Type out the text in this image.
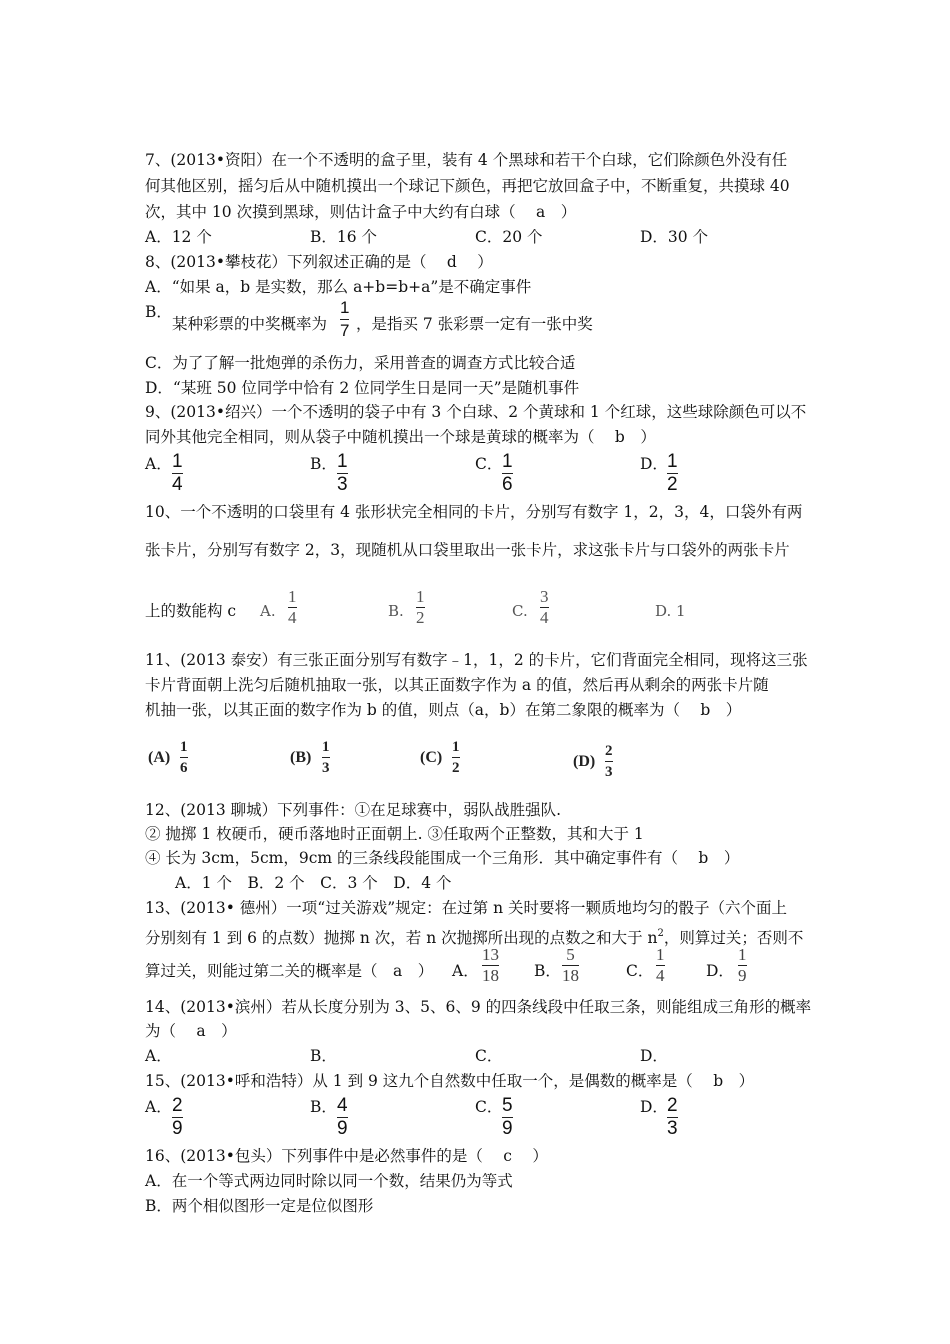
7、(2013•资阳）在一个不透明的盒子里，装有 4 个黑球和若干个白球，它们除颜色外没有任
何其他区别，摇匀后从中随机摸出一个球记下颜色，再把它放回盒子中，不断重复，共摸球 40
次，其中 10 次摸到黑球，则估计盒子中大约有白球（　 a　）
A．12 个	B．16 个	C．20 个	D．30 个
8、(2013•攀枝花）下列叙述正确的是（　 d　 ）
A．“如果 a，b 是实数，那么 a+b=b+a”是不确定事件
B．
某种彩票的中奖概率为
1
7 ，是指买 7 张彩票一定有一张中奖
C．为了了解一批炮弹的杀伤力，采用普查的调查方式比较合适
D．“某班 50 位同学中恰有 2 位同学生日是同一天”是随机事件
9、(2013•绍兴）一个不透明的袋子中有 3 个白球、2 个黄球和 1 个红球，这些球除颜色可以不
同外其他完全相同，则从袋子中随机摸出一个球是黄球的概率为（　 b　）
A． 1
4
B． 1
3
C． 1
6
D． 1
2
10、一个不透明的口袋里有 4 张形状完全相同的卡片，分别写有数字 1，2，3，4，口袋外有两
张卡片，分别写有数字 2，3，现随机从口袋里取出一张卡片，求这张卡片与口袋外的两张卡片
上的数能构 c A.
1
4	B.
1
2	C.
3
4	D. 1
11、(2013 泰安）有三张正面分别写有数字﹣1，1，2 的卡片，它们背面完全相同，现将这三张
卡片背面朝上洗匀后随机抽取一张，以其正面数字作为 a 的值，然后再从剩余的两张卡片随
机抽一张，以其正面的数字作为 b 的值，则点（a，b）在第二象限的概率为（　 b　）
(A)
1
6
(B)
1
3
(C)
1
2	(D)
2
3
12、(2013 聊城）下列事件：①在足球赛中，弱队战胜强队.
② 抛掷 1 枚硬币，硬币落地时正面朝上. ③任取两个正整数，其和大于 1
④ 长为 3cm，5cm，9cm 的三条线段能围成一个三角形．其中确定事件有（　 b　）
A．1 个　B．2 个　C．3 个　D．4 个
13、(2013• 德州）一项“过关游戏”规定：在过第 n 关时要将一颗质地均匀的骰子（六个面上
分别刻有 1 到 6 的点数）抛掷 n 次，若 n 次抛掷所出现的点数之和大于 $n^2$，则算过关；否则不
算过关，则能过第二关的概率是（　a　） A．
13
18 B．
5
18	C．
1
4	D．
1
9
14、(2013•滨州）若从长度分别为 3、5、6、9 的四条线段中任取三条，则能组成三角形的概率
为（　 a　）
A．	B．	C．	D．
15、(2013•呼和浩特）从 1 到 9 这九个自然数中任取一个，是偶数的概率是（　 b　）
A． 2
9
B． 4
9
C． 5
9
D． 2
3
16、(2013•包头）下列事件中是必然事件的是（　 c　 ）
A．在一个等式两边同时除以同一个数，结果仍为等式
B．两个相似图形一定是位似图形
